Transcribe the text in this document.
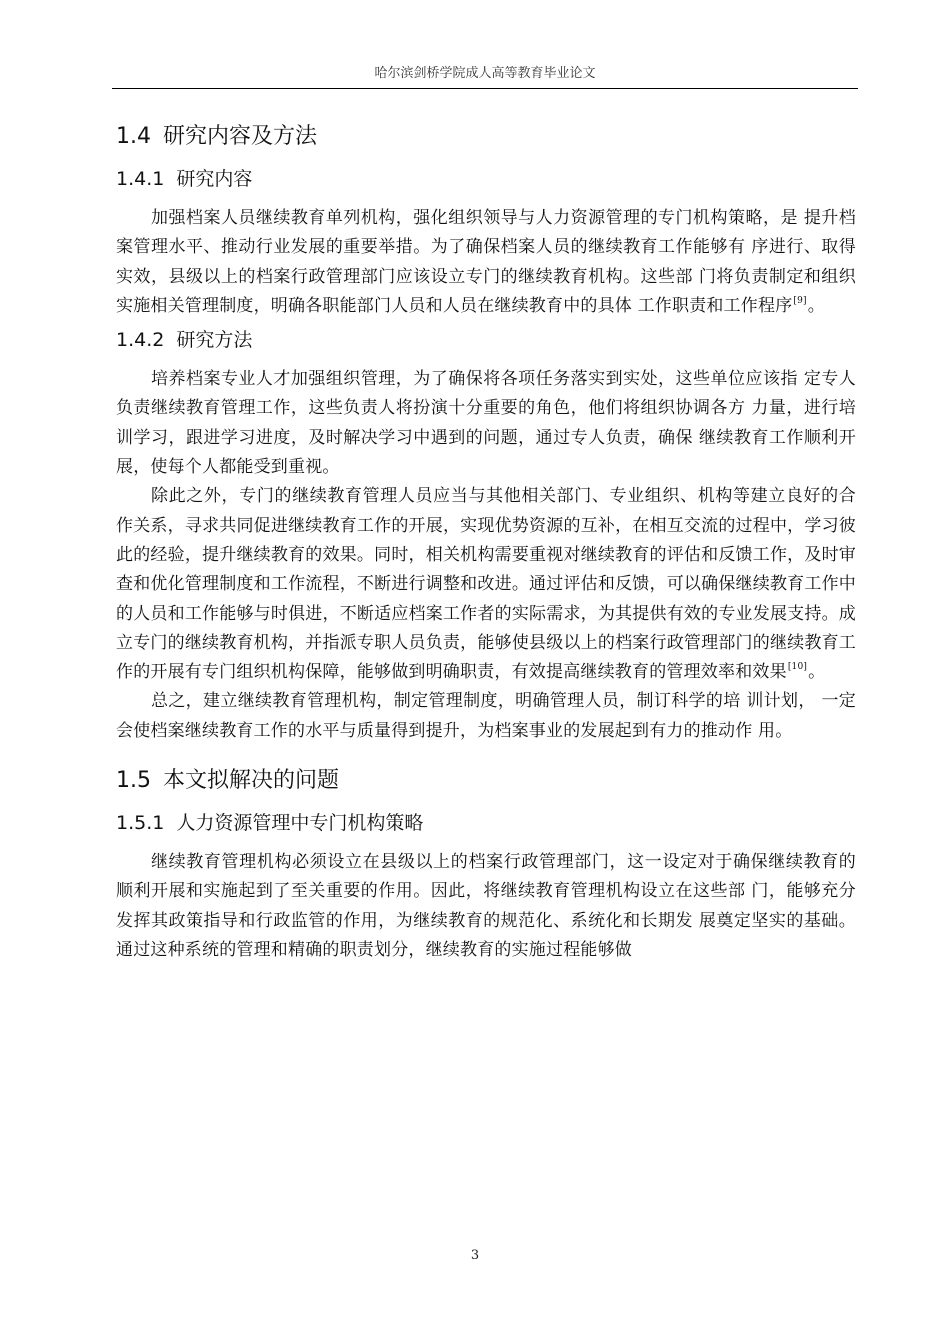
哈尔滨剑桥学院成人高等教育毕业论文
1.4 研究内容及方法
1.4.1 研究内容

加强档案人员继续教育单列机构，强化组织领导与人力资源管理的专门机构策略，是 提升档案管理水平、推动行业发展的重要举措。为了确保档案人员的继续教育工作能够有 序进行、取得实效，县级以上的档案行政管理部门应该设立专门的继续教育机构。这些部 门将负责制定和组织实施相关管理制度，明确各职能部门人员和人员在继续教育中的具体 工作职责和工作程序[9]。

1.4.2 研究方法

培养档案专业人才加强组织管理，为了确保将各项任务落实到实处，这些单位应该指 定专人负责继续教育管理工作，这些负责人将扮演十分重要的角色，他们将组织协调各方 力量，进行培训学习，跟进学习进度，及时解决学习中遇到的问题，通过专人负责，确保 继续教育工作顺利开展，使每个人都能受到重视。

除此之外，专门的继续教育管理人员应当与其他相关部门、专业组织、机构等建立良好的合作关系，寻求共同促进继续教育工作的开展，实现优势资源的互补，在相互交流的过程中，学习彼此的经验，提升继续教育的效果。同时，相关机构需要重视对继续教育的评估和反馈工作，及时审查和优化管理制度和工作流程，不断进行调整和改进。通过评估和反馈，可以确保继续教育工作中的人员和工作能够与时俱进，不断适应档案工作者的实际需求，为其提供有效的专业发展支持。成立专门的继续教育机构，并指派专职人员负责，能够使县级以上的档案行政管理部门的继续教育工作的开展有专门组织机构保障，能够做到明确职责，有效提高继续教育的管理效率和效果[10]。

总之，建立继续教育管理机构，制定管理制度，明确管理人员，制订科学的培 训计划， 一定会使档案继续教育工作的水平与质量得到提升，为档案事业的发展起到有力的推动作 用。

1.5 本文拟解决的问题
1.5.1 人力资源管理中专门机构策略

继续教育管理机构必须设立在县级以上的档案行政管理部门，这一设定对于确保继续教育的顺利开展和实施起到了至关重要的作用。因此，将继续教育管理机构设立在这些部 门，能够充分发挥其政策指导和行政监管的作用，为继续教育的规范化、系统化和长期发 展奠定坚实的基础。通过这种系统的管理和精确的职责划分，继续教育的实施过程能够做

3
